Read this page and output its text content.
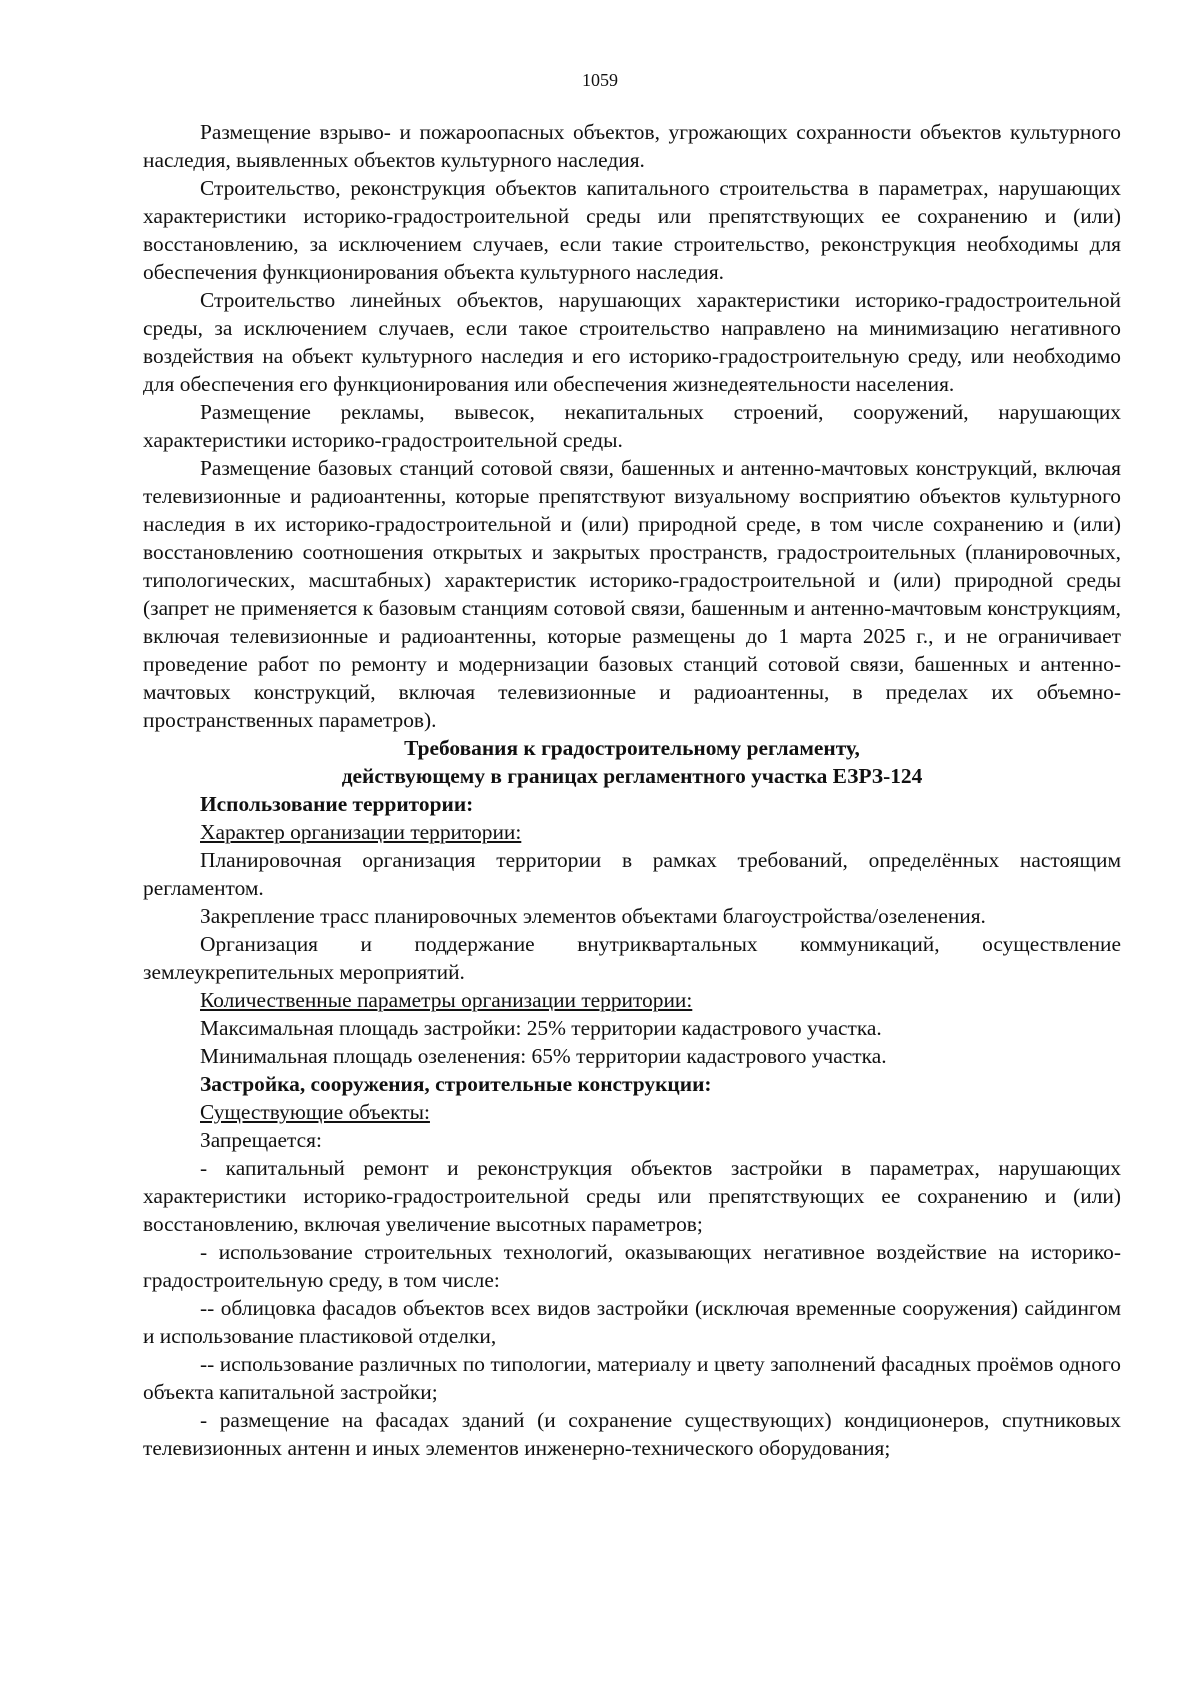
1059

Размещение взрыво- и пожароопасных объектов, угрожающих сохранности объектов культурного наследия, выявленных объектов культурного наследия.

Строительство, реконструкция объектов капитального строительства в параметрах, нарушающих характеристики историко-градостроительной среды или препятствующих ее сохранению и (или) восстановлению, за исключением случаев, если такие строительство, реконструкция необходимы для обеспечения функционирования объекта культурного наследия.

Строительство линейных объектов, нарушающих характеристики историко-градостроительной среды, за исключением случаев, если такое строительство направлено на минимизацию негативного воздействия на объект культурного наследия и его историко-градостроительную среду, или необходимо для обеспечения его функционирования или обеспечения жизнедеятельности населения.

Размещение рекламы, вывесок, некапитальных строений, сооружений, нарушающих характеристики историко-градостроительной среды.

Размещение базовых станций сотовой связи, башенных и антенно-мачтовых конструкций, включая телевизионные и радиоантенны, которые препятствуют визуальному восприятию объектов культурного наследия в их историко-градостроительной и (или) природной среде, в том числе сохранению и (или) восстановлению соотношения открытых и закрытых пространств, градостроительных (планировочных, типологических, масштабных) характеристик историко-градостроительной и (или) природной среды (запрет не применяется к базовым станциям сотовой связи, башенным и антенно-мачтовым конструкциям, включая телевизионные и радиоантенны, которые размещены до 1 марта 2025 г., и не ограничивает проведение работ по ремонту и модернизации базовых станций сотовой связи, башенных и антенно-мачтовых конструкций, включая телевизионные и радиоантенны, в пределах их объемно-пространственных параметров).

Требования к градостроительному регламенту,

действующему в границах регламентного участка ЕЗРЗ-124

Использование территории:

Характер организации территории:

Планировочная организация территории в рамках требований, определённых настоящим регламентом.

Закрепление трасс планировочных элементов объектами благоустройства/озеленения.

Организация и поддержание внутриквартальных коммуникаций, осуществление землеукрепительных мероприятий.

Количественные параметры организации территории:

Максимальная площадь застройки: 25% территории кадастрового участка.

Минимальная площадь озеленения: 65% территории кадастрового участка.

Застройка, сооружения, строительные конструкции:

Существующие объекты:

Запрещается:

- капитальный ремонт и реконструкция объектов застройки в параметрах, нарушающих характеристики историко-градостроительной среды или препятствующих ее сохранению и (или) восстановлению, включая увеличение высотных параметров;

- использование строительных технологий, оказывающих негативное воздействие на историко-градостроительную среду, в том числе:

-- облицовка фасадов объектов всех видов застройки (исключая временные сооружения) сайдингом и использование пластиковой отделки,

-- использование различных по типологии, материалу и цвету заполнений фасадных проёмов одного объекта капитальной застройки;

- размещение на фасадах зданий (и сохранение существующих) кондиционеров, спутниковых телевизионных антенн и иных элементов инженерно-технического оборудования;
